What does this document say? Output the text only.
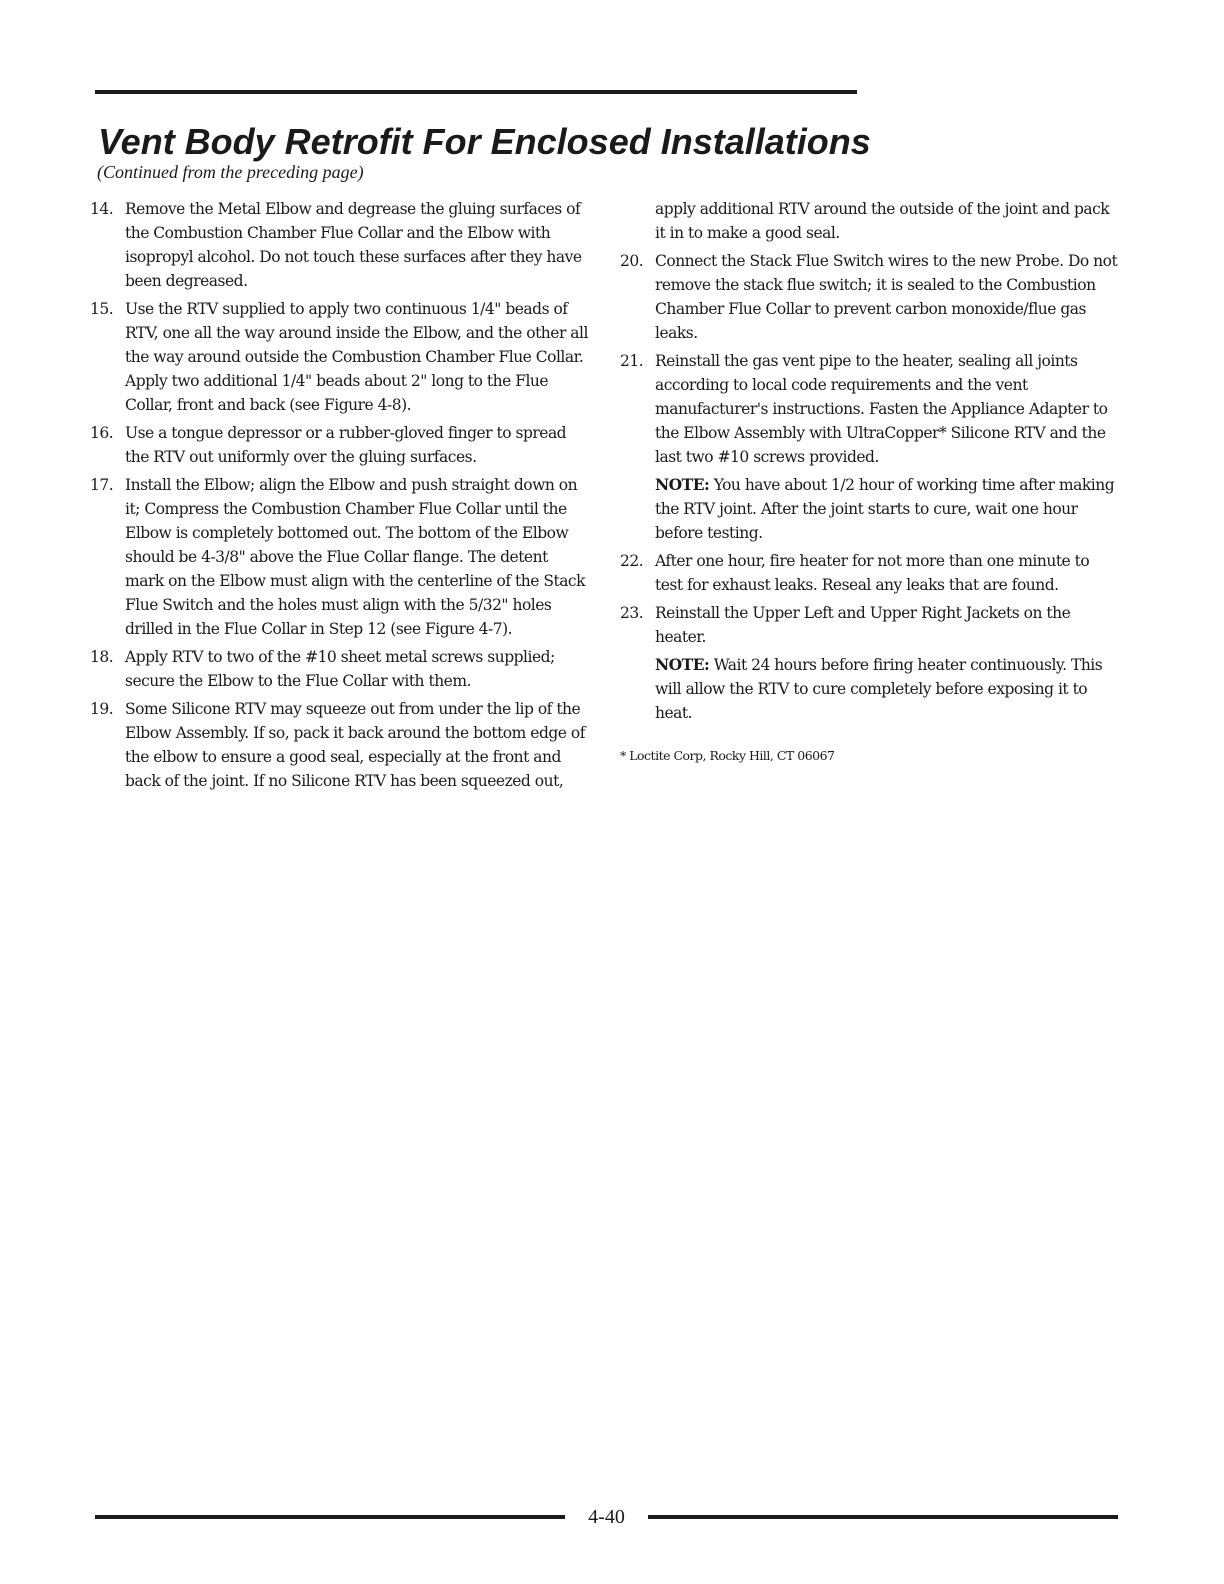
Vent Body Retrofit For Enclosed Installations
(Continued from the preceding page)
14. Remove the Metal Elbow and degrease the gluing surfaces of the Combustion Chamber Flue Collar and the Elbow with isopropyl alcohol. Do not touch these surfaces after they have been degreased.
15. Use the RTV supplied to apply two continuous 1/4" beads of RTV, one all the way around inside the Elbow, and the other all the way around outside the Combustion Chamber Flue Collar. Apply two additional 1/4" beads about 2" long to the Flue Collar, front and back (see Figure 4-8).
16. Use a tongue depressor or a rubber-gloved finger to spread the RTV out uniformly over the gluing surfaces.
17. Install the Elbow; align the Elbow and push straight down on it; Compress the Combustion Chamber Flue Collar until the Elbow is completely bottomed out. The bottom of the Elbow should be 4-3/8" above the Flue Collar flange. The detent mark on the Elbow must align with the centerline of the Stack Flue Switch and the holes must align with the 5/32" holes drilled in the Flue Collar in Step 12 (see Figure 4-7).
18. Apply RTV to two of the #10 sheet metal screws supplied; secure the Elbow to the Flue Collar with them.
19. Some Silicone RTV may squeeze out from under the lip of the Elbow Assembly. If so, pack it back around the bottom edge of the elbow to ensure a good seal, especially at the front and back of the joint. If no Silicone RTV has been squeezed out,
apply additional RTV around the outside of the joint and pack it in to make a good seal.
20. Connect the Stack Flue Switch wires to the new Probe. Do not remove the stack flue switch; it is sealed to the Combustion Chamber Flue Collar to prevent carbon monoxide/flue gas leaks.
21. Reinstall the gas vent pipe to the heater, sealing all joints according to local code requirements and the vent manufacturer's instructions. Fasten the Appliance Adapter to the Elbow Assembly with UltraCopper* Silicone RTV and the last two #10 screws provided.
NOTE: You have about 1/2 hour of working time after making the RTV joint. After the joint starts to cure, wait one hour before testing.
22. After one hour, fire heater for not more than one minute to test for exhaust leaks. Reseal any leaks that are found.
23. Reinstall the Upper Left and Upper Right Jackets on the heater.
NOTE: Wait 24 hours before firing heater continuously. This will allow the RTV to cure completely before exposing it to heat.
* Loctite Corp, Rocky Hill, CT 06067
4-40
